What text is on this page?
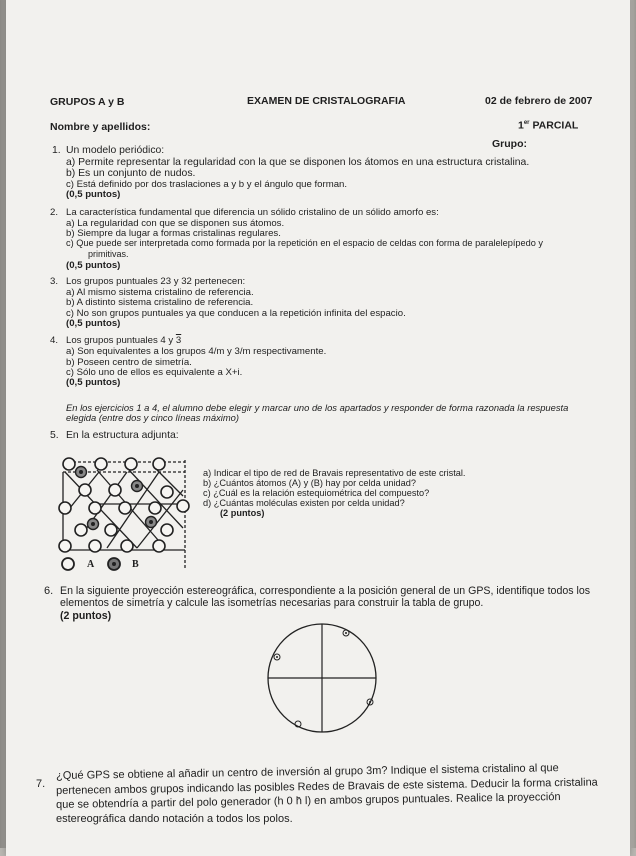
GRUPOS A y B	EXAMEN DE CRISTALOGRAFIA	02 de febrero de 2007
Nombre y apellidos:	1er PARCIAL
Grupo:
1. Un modelo periódico:
a) Permite representar la regularidad con la que se disponen los átomos en una estructura cristalina.
b) Es un conjunto de nudos.
c) Está definido por dos traslaciones a y b y el ángulo que forman.
(0,5 puntos)
2. La característica fundamental que diferencia un sólido cristalino de un sólido amorfo es:
a) La regularidad con que se disponen sus átomos.
b) Siempre da lugar a formas cristalinas regulares.
c) Que puede ser interpretada como formada por la repetición en el espacio de celdas con forma de paralelepípedo y
primitivas.
(0,5 puntos)
3. Los grupos puntuales 23 y 32 pertenecen:
a) Al mismo sistema cristalino de referencia.
b) A distinto sistema cristalino de referencia.
c) No son grupos puntuales ya que conducen a la repetición infinita del espacio.
(0,5 puntos)
4. Los grupos puntuales 4 y 3
a) Son equivalentes a los grupos 4/m y 3/m respectivamente.
b) Poseen centro de simetría.
c) Sólo uno de ellos es equivalente a X+i.
(0,5 puntos)
En los ejercicios 1 a 4, el alumno debe elegir y marcar uno de los apartados y responder de forma razonada la respuesta
elegida (entre dos y cinco líneas máximo)
5. En la estructura adjunta:
A	B
a) Indicar el tipo de red de Bravais representativo de este cristal.
b) ¿Cuántos átomos (A) y (B) hay por celda unidad?
c) ¿Cuál es la relación estequiométrica del compuesto?
d) ¿Cuántas moléculas existen por celda unidad?
(2 puntos)
6. En la siguiente proyección estereográfica, correspondiente a la posición general de un GPS, identifique todos los
elementos de simetría y calcule las isometrías necesarias para construir la tabla de grupo.
(2 puntos)
7.
¿Qué GPS se obtiene al añadir un centro de inversión al grupo 3m? Indique el sistema cristalino al que
pertenecen ambos grupos indicando las posibles Redes de Bravais de este sistema. Deducir la forma cristalina
que se obtendría a partir del polo generador (h 0 h̄ l) en ambos grupos puntuales. Realice la proyección
estereográfica dando notación a todos los polos.
